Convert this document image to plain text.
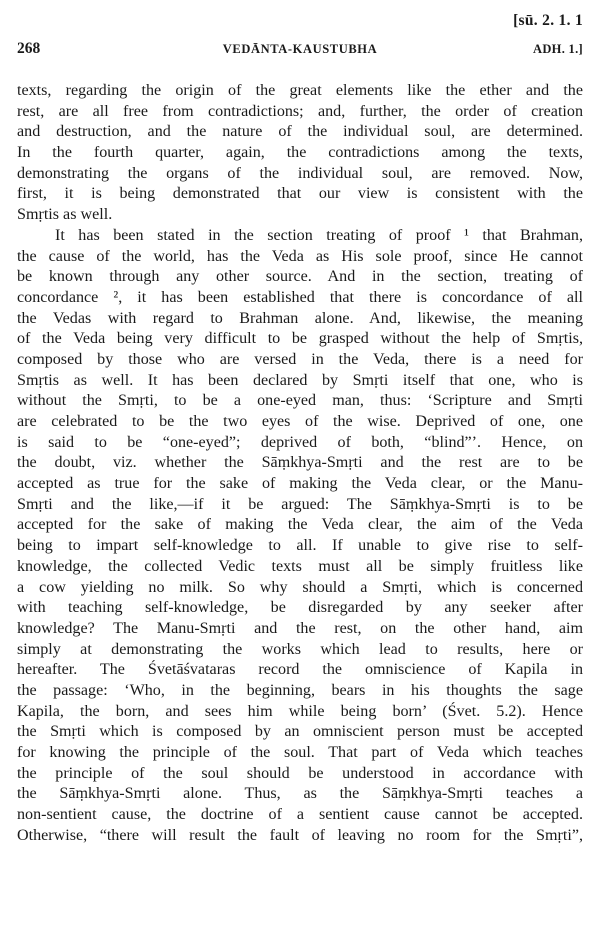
[sū. 2. 1. 1
268	VEDĀNTA-KAUSTUBHA	ADH. 1.]
texts, regarding the origin of the great elements like the ether and the
rest, are all free from contradictions; and, further, the order of creation
and destruction, and the nature of the individual soul, are determined.
In the fourth quarter, again, the contradictions among the texts,
demonstrating the organs of the individual soul, are removed. Now,
first, it is being demonstrated that our view is consistent with the
Smṛtis as well.
It has been stated in the section treating of proof ¹ that Brahman,
the cause of the world, has the Veda as His sole proof, since He cannot
be known through any other source. And in the section, treating of
concordance ², it has been established that there is concordance of all
the Vedas with regard to Brahman alone. And, likewise, the meaning
of the Veda being very difficult to be grasped without the help of Smṛtis,
composed by those who are versed in the Veda, there is a need for
Smṛtis as well. It has been declared by Smṛti itself that one, who is
without the Smṛti, to be a one-eyed man, thus: ‘Scripture and Smṛti
are celebrated to be the two eyes of the wise. Deprived of one, one
is said to be “one-eyed”; deprived of both, “blind”’. Hence, on
the doubt, viz. whether the Sāṃkhya-Smṛti and the rest are to be
accepted as true for the sake of making the Veda clear, or the Manu-
Smṛti and the like,—if it be argued: The Sāṃkhya-Smṛti is to be
accepted for the sake of making the Veda clear, the aim of the Veda
being to impart self-knowledge to all. If unable to give rise to self-
knowledge, the collected Vedic texts must all be simply fruitless like
a cow yielding no milk. So why should a Smṛti, which is concerned
with teaching self-knowledge, be disregarded by any seeker after
knowledge? The Manu-Smṛti and the rest, on the other hand, aim
simply at demonstrating the works which lead to results, here or
hereafter. The Śvetāśvataras record the omniscience of Kapila in
the passage: ‘Who, in the beginning, bears in his thoughts the sage
Kapila, the born, and sees him while being born’ (Śvet. 5.2). Hence
the Smṛti which is composed by an omniscient person must be accepted
for knowing the principle of the soul. That part of Veda which teaches
the principle of the soul should be understood in accordance with
the Sāṃkhya-Smṛti alone. Thus, as the Sāṃkhya-Smṛti teaches a
non-sentient cause, the doctrine of a sentient cause cannot be accepted.
Otherwise, “there will result the fault of leaving no room for the Smṛti”,
